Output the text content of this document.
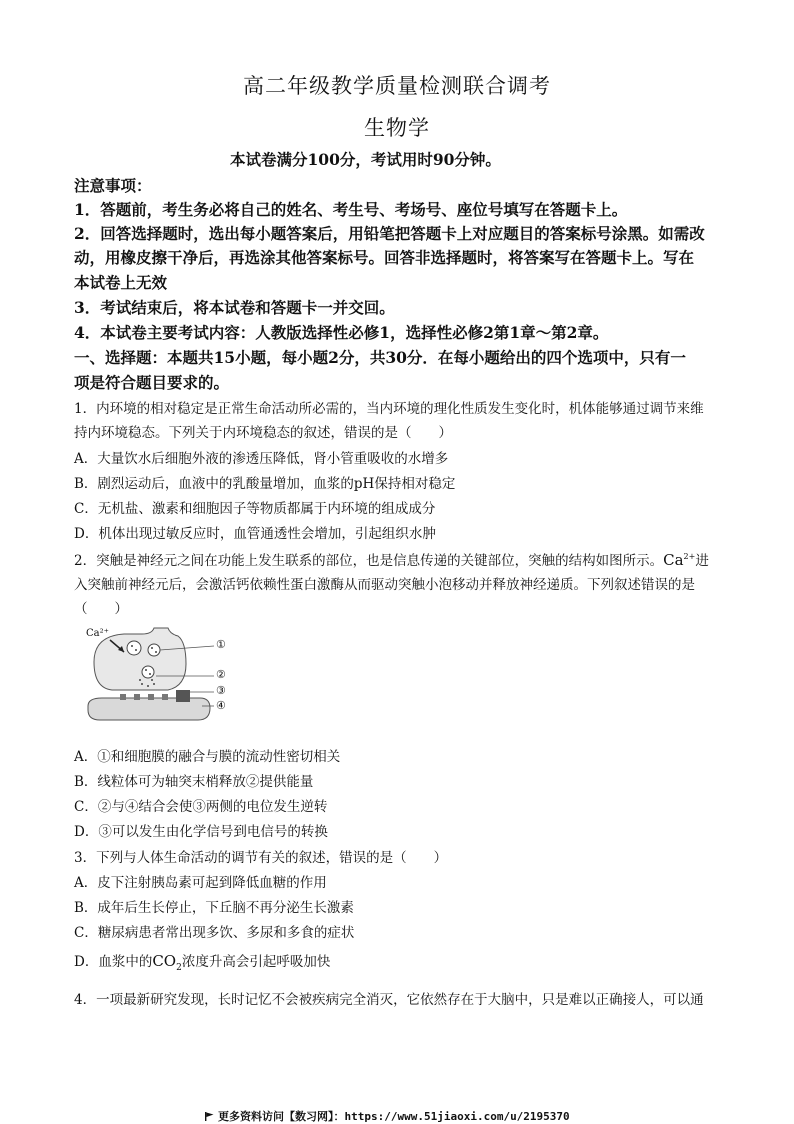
高二年级教学质量检测联合调考
生物学
本试卷满分100分，考试用时90分钟。
注意事项：
1．答题前，考生务必将自己的姓名、考生号、考场号、座位号填写在答题卡上。
2．回答选择题时，选出每小题答案后，用铅笔把答题卡上对应题目的答案标号涂黑。如需改
动，用橡皮擦干净后，再选涂其他答案标号。回答非选择题时，将答案写在答题卡上。写在
本试卷上无效
3．考试结束后，将本试卷和答题卡一并交回。
4．本试卷主要考试内容：人教版选择性必修1，选择性必修2第1章～第2章。
一、选择题：本题共15小题，每小题2分，共30分．在每小题给出的四个选项中，只有一
项是符合题目要求的。
1．内环境的相对稳定是正常生命活动所必需的，当内环境的理化性质发生变化时，机体能够通过调节来维
持内环境稳态。下列关于内环境稳态的叙述，错误的是（　　）
A．大量饮水后细胞外液的渗透压降低，肾小管重吸收的水增多
B．剧烈运动后，血液中的乳酸量增加，血浆的pH保持相对稳定
C．无机盐、激素和细胞因子等物质都属于内环境的组成成分
D．机体出现过敏反应时，血管通透性会增加，引起组织水肿
2．突触是神经元之间在功能上发生联系的部位，也是信息传递的关键部位，突触的结构如图所示。$Ca^{2+}$进
入突触前神经元后，会激活钙依赖性蛋白激酶从而驱动突触小泡移动并释放神经递质。下列叙述错误的是
（　　）
Ca²⁺
①
②
③
④
A．①和细胞膜的融合与膜的流动性密切相关
B．线粒体可为轴突末梢释放②提供能量
C．②与④结合会使③两侧的电位发生逆转
D．③可以发生由化学信号到电信号的转换
3．下列与人体生命活动的调节有关的叙述，错误的是（　　）
A．皮下注射胰岛素可起到降低血糖的作用
B．成年后生长停止，下丘脑不再分泌生长激素
C．糖尿病患者常出现多饮、多尿和多食的症状
D．血浆中的$CO_2$浓度升高会引起呼吸加快
4．一项最新研究发现，长时记忆不会被疾病完全消灭，它依然存在于大脑中，只是难以正确接人，可以通
更多资料访问【数习网】：https://www.51jiaoxi.com/u/2195370
